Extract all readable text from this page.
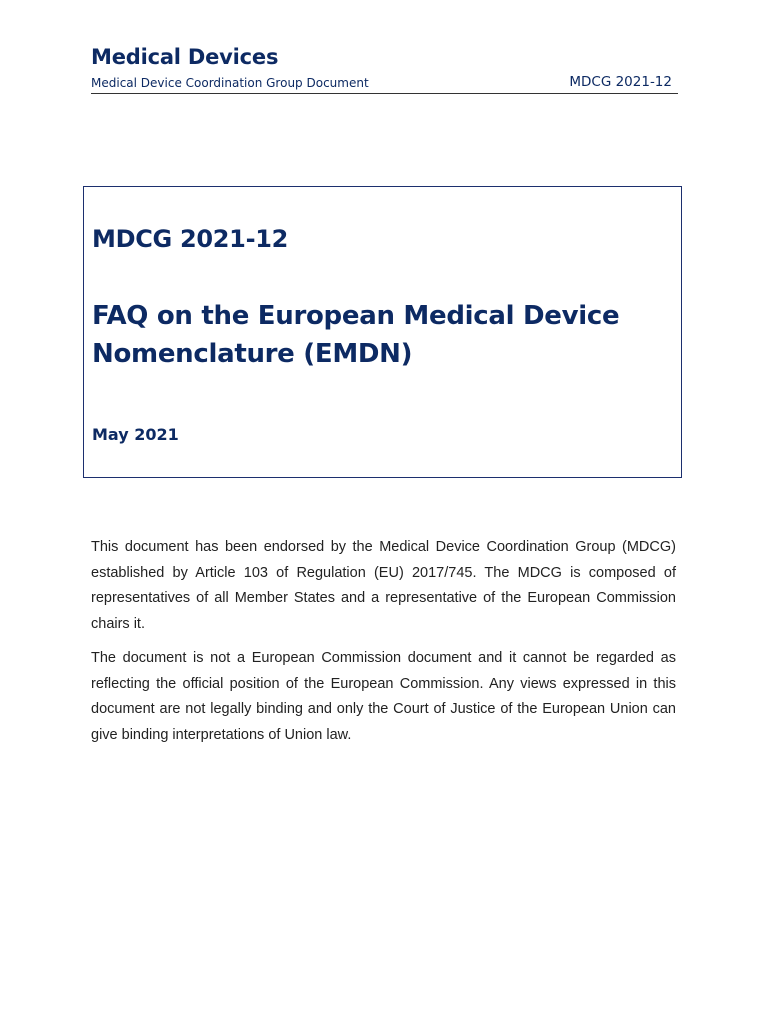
Medical Devices
Medical Device Coordination Group Document	MDCG 2021-12
MDCG 2021-12
FAQ on the European Medical Device Nomenclature (EMDN)
May 2021

This document has been endorsed by the Medical Device Coordination Group (MDCG) established by Article 103 of Regulation (EU) 2017/745. The MDCG is composed of representatives of all Member States and a representative of the European Commission chairs it.

The document is not a European Commission document and it cannot be regarded as reflecting the official position of the European Commission. Any views expressed in this document are not legally binding and only the Court of Justice of the European Union can give binding interpretations of Union law.
